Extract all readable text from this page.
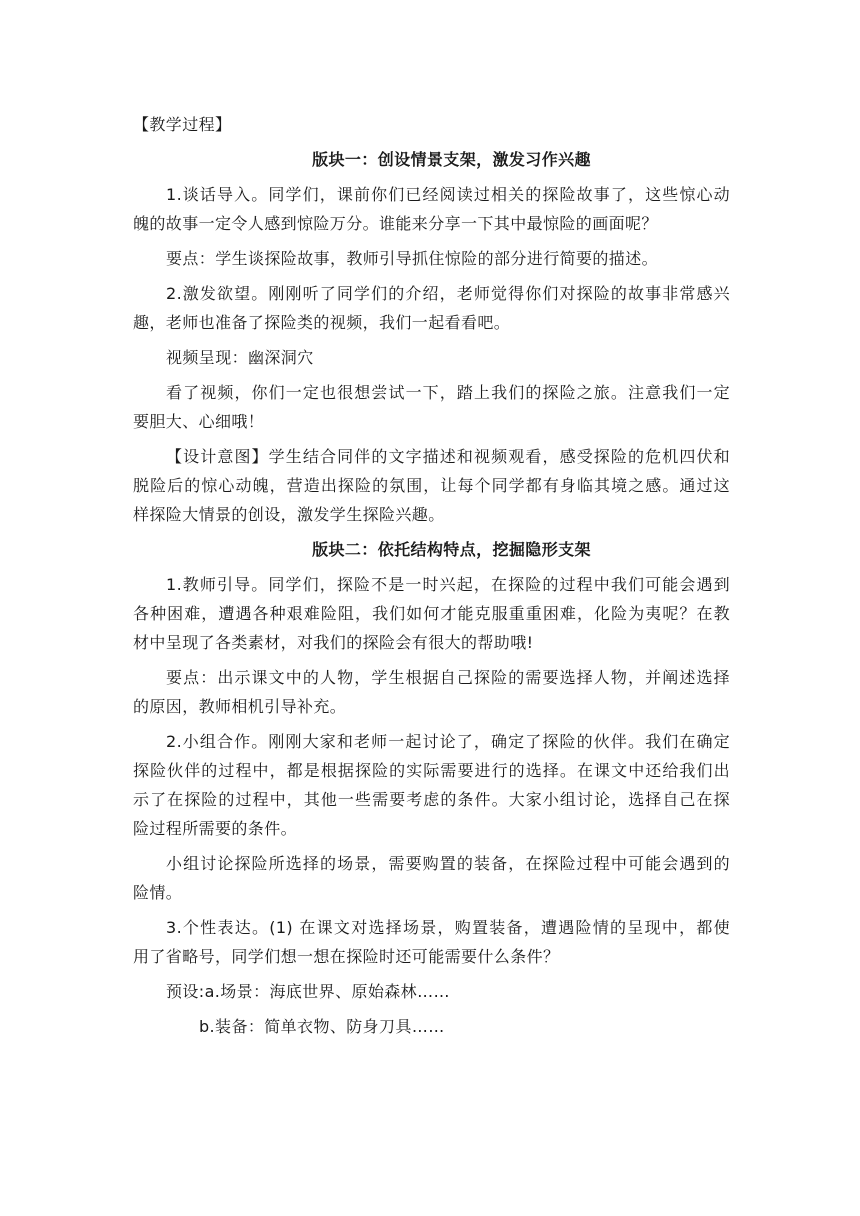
【教学过程】
版块一：创设情景支架，激发习作兴趣
1.谈话导入。同学们，课前你们已经阅读过相关的探险故事了，这些惊心动
魄的故事一定令人感到惊险万分。谁能来分享一下其中最惊险的画面呢？
要点：学生谈探险故事，教师引导抓住惊险的部分进行简要的描述。
2.激发欲望。刚刚听了同学们的介绍，老师觉得你们对探险的故事非常感兴
趣，老师也准备了探险类的视频，我们一起看看吧。
视频呈现：幽深洞穴
看了视频，你们一定也很想尝试一下，踏上我们的探险之旅。注意我们一定
要胆大、心细哦！
【设计意图】学生结合同伴的文字描述和视频观看，感受探险的危机四伏和
脱险后的惊心动魄，营造出探险的氛围，让每个同学都有身临其境之感。通过这
样探险大情景的创设，激发学生探险兴趣。
版块二：依托结构特点，挖掘隐形支架
1.教师引导。同学们，探险不是一时兴起，在探险的过程中我们可能会遇到
各种困难，遭遇各种艰难险阻，我们如何才能克服重重困难，化险为夷呢？在教
材中呈现了各类素材，对我们的探险会有很大的帮助哦!
要点：出示课文中的人物，学生根据自己探险的需要选择人物，并阐述选择
的原因，教师相机引导补充。
2.小组合作。刚刚大家和老师一起讨论了，确定了探险的伙伴。我们在确定
探险伙伴的过程中，都是根据探险的实际需要进行的选择。在课文中还给我们出
示了在探险的过程中，其他一些需要考虑的条件。大家小组讨论，选择自己在探
险过程所需要的条件。
小组讨论探险所选择的场景，需要购置的装备，在探险过程中可能会遇到的
险情。
3.个性表达。(1) 在课文对选择场景，购置装备，遭遇险情的呈现中，都使
用了省略号，同学们想一想在探险时还可能需要什么条件？
预设:a.场景：海底世界、原始森林……
b.装备：简单衣物、防身刀具……
